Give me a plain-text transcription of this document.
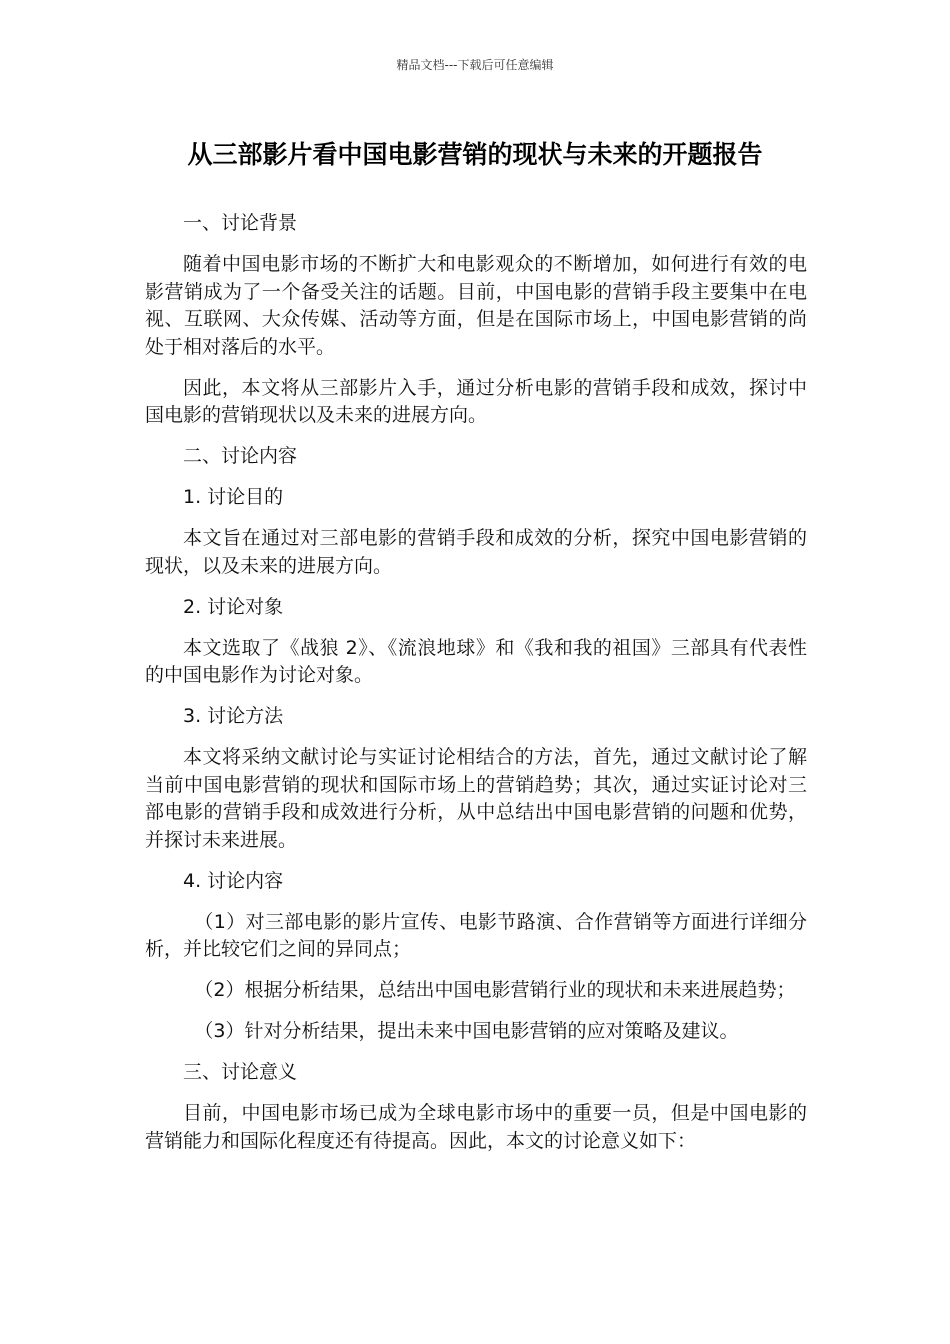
精品文档---下载后可任意编辑
从三部影片看中国电影营销的现状与未来的开题报告

一、讨论背景

随着中国电影市场的不断扩大和电影观众的不断增加，如何进行有效的电影营销成为了一个备受关注的话题。目前，中国电影的营销手段主要集中在电视、互联网、大众传媒、活动等方面，但是在国际市场上，中国电影营销的尚处于相对落后的水平。

因此，本文将从三部影片入手，通过分析电影的营销手段和成效，探讨中国电影的营销现状以及未来的进展方向。

二、讨论内容

1. 讨论目的

本文旨在通过对三部电影的营销手段和成效的分析，探究中国电影营销的现状，以及未来的进展方向。

2. 讨论对象

本文选取了《战狼 2》、《流浪地球》和《我和我的祖国》三部具有代表性的中国电影作为讨论对象。

3. 讨论方法

本文将采纳文献讨论与实证讨论相结合的方法，首先，通过文献讨论了解当前中国电影营销的现状和国际市场上的营销趋势；其次，通过实证讨论对三部电影的营销手段和成效进行分析，从中总结出中国电影营销的问题和优势，并探讨未来进展。

4. 讨论内容

（1）对三部电影的影片宣传、电影节路演、合作营销等方面进行详细分析，并比较它们之间的异同点；

（2）根据分析结果，总结出中国电影营销行业的现状和未来进展趋势；

（3）针对分析结果，提出未来中国电影营销的应对策略及建议。

三、讨论意义

目前，中国电影市场已成为全球电影市场中的重要一员，但是中国电影的营销能力和国际化程度还有待提高。因此，本文的讨论意义如下：
